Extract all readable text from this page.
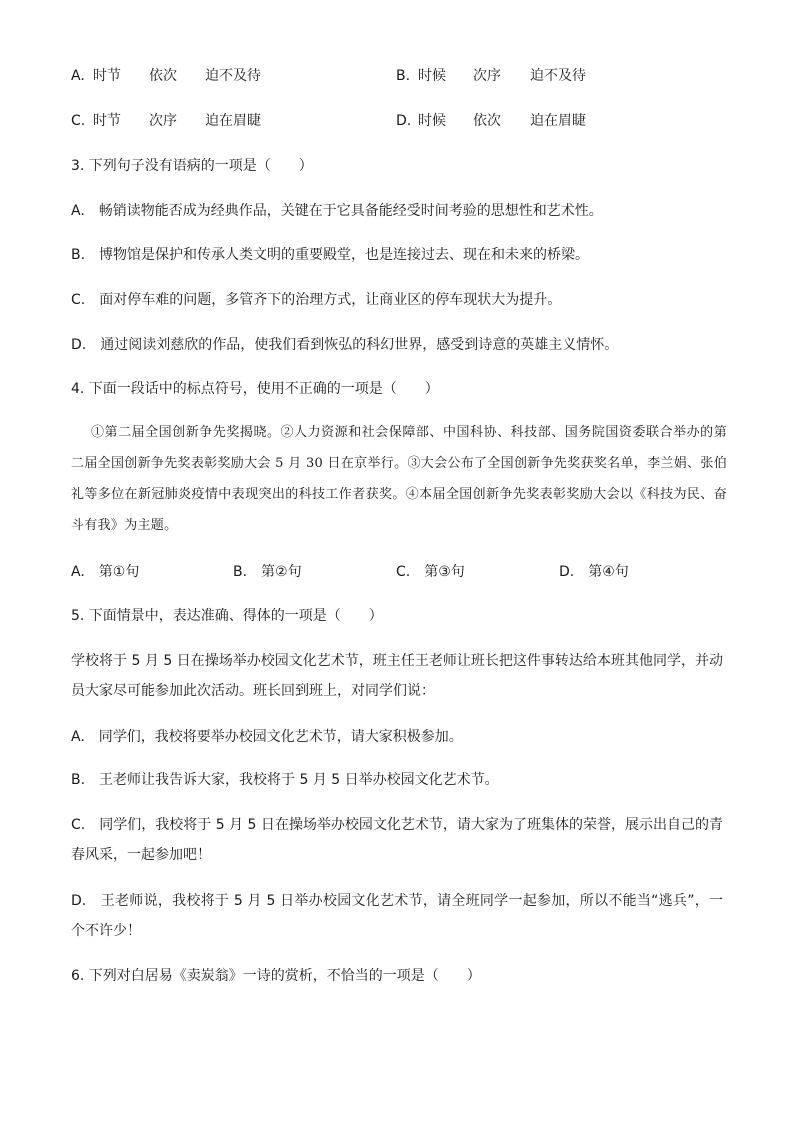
A. 时节 依次 迫不及待	B. 时候 次序 迫不及待
C. 时节 次序 迫在眉睫	D. 时候 依次 迫在眉睫
3. 下列句子没有语病的一项是（　　）
A.　畅销读物能否成为经典作品，关键在于它具备能经受时间考验的思想性和艺术性。
B.　博物馆是保护和传承人类文明的重要殿堂，也是连接过去、现在和未来的桥梁。
C.　面对停车难的问题，多管齐下的治理方式，让商业区的停车现状大为提升。
D.　通过阅读刘慈欣的作品，使我们看到恢弘的科幻世界，感受到诗意的英雄主义情怀。
4. 下面一段话中的标点符号，使用不正确的一项是（　　）
①第二届全国创新争先奖揭晓。②人力资源和社会保障部、中国科协、科技部、国务院国资委联合举办的第二届全国创新争先奖表彰奖励大会 5 月 30 日在京举行。③大会公布了全国创新争先奖获奖名单，李兰娟、张伯礼等多位在新冠肺炎疫情中表现突出的科技工作者获奖。④本届全国创新争先奖表彰奖励大会以《科技为民、奋斗有我》为主题。
A.　第①句	B.　第②句	C.　第③句	D.　第④句
5. 下面情景中，表达准确、得体的一项是（　　）
学校将于 5 月 5 日在操场举办校园文化艺术节，班主任王老师让班长把这件事转达给本班其他同学，并动员大家尽可能参加此次活动。班长回到班上，对同学们说：
A.　同学们，我校将要举办校园文化艺术节，请大家积极参加。
B.　王老师让我告诉大家，我校将于 5 月 5 日举办校园文化艺术节。
C.　同学们，我校将于 5 月 5 日在操场举办校园文化艺术节，请大家为了班集体的荣誉，展示出自己的青春风采，一起参加吧！
D.　王老师说，我校将于 5 月 5 日举办校园文化艺术节，请全班同学一起参加，所以不能当“逃兵”，一个不许少！
6. 下列对白居易《卖炭翁》一诗的赏析，不恰当的一项是（　　）
